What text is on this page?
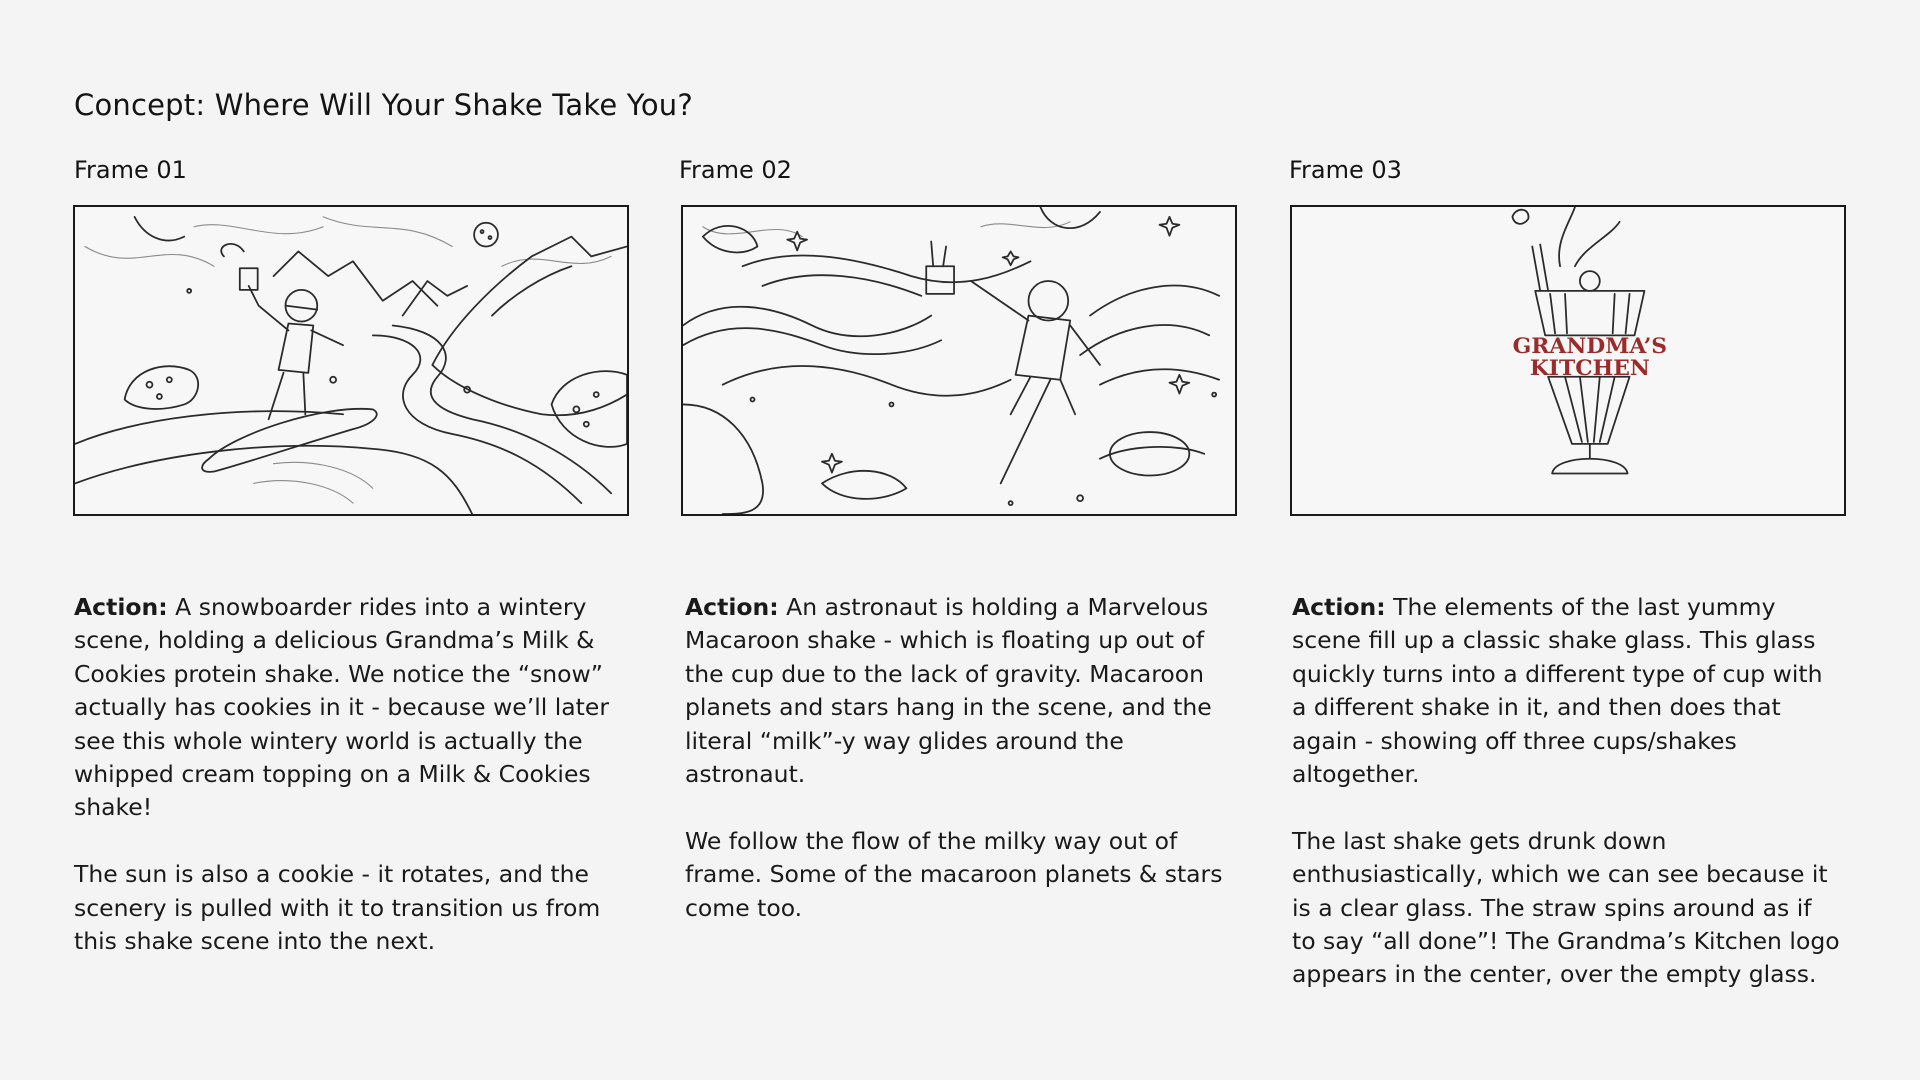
Concept: Where Will Your Shake Take You?
Frame 01

Action: A snowboarder rides into a wintery scene, holding a delicious Grandma’s Milk & Cookies protein shake. We notice the “snow” actually has cookies in it - because we’ll later see this whole wintery world is actually the whipped cream topping on a Milk & Cookies shake!

The sun is also a cookie - it rotates, and the scenery is pulled with it to transition us from this shake scene into the next.

Frame 02

Action: An astronaut is holding a Marvelous Macaroon shake - which is floating up out of the cup due to the lack of gravity. Macaroon planets and stars hang in the scene, and the literal “milk”-y way glides around the astronaut.

We follow the flow of the milky way out of frame. Some of the macaroon planets & stars come too.

Frame 03
GRANDMA’S
KITCHEN

Action: The elements of the last yummy scene fill up a classic shake glass. This glass quickly turns into a different type of cup with a different shake in it, and then does that again - showing off three cups/shakes altogether.

The last shake gets drunk down enthusiastically, which we can see because it is a clear glass. The straw spins around as if to say “all done”! The Grandma’s Kitchen logo appears in the center, over the empty glass.
